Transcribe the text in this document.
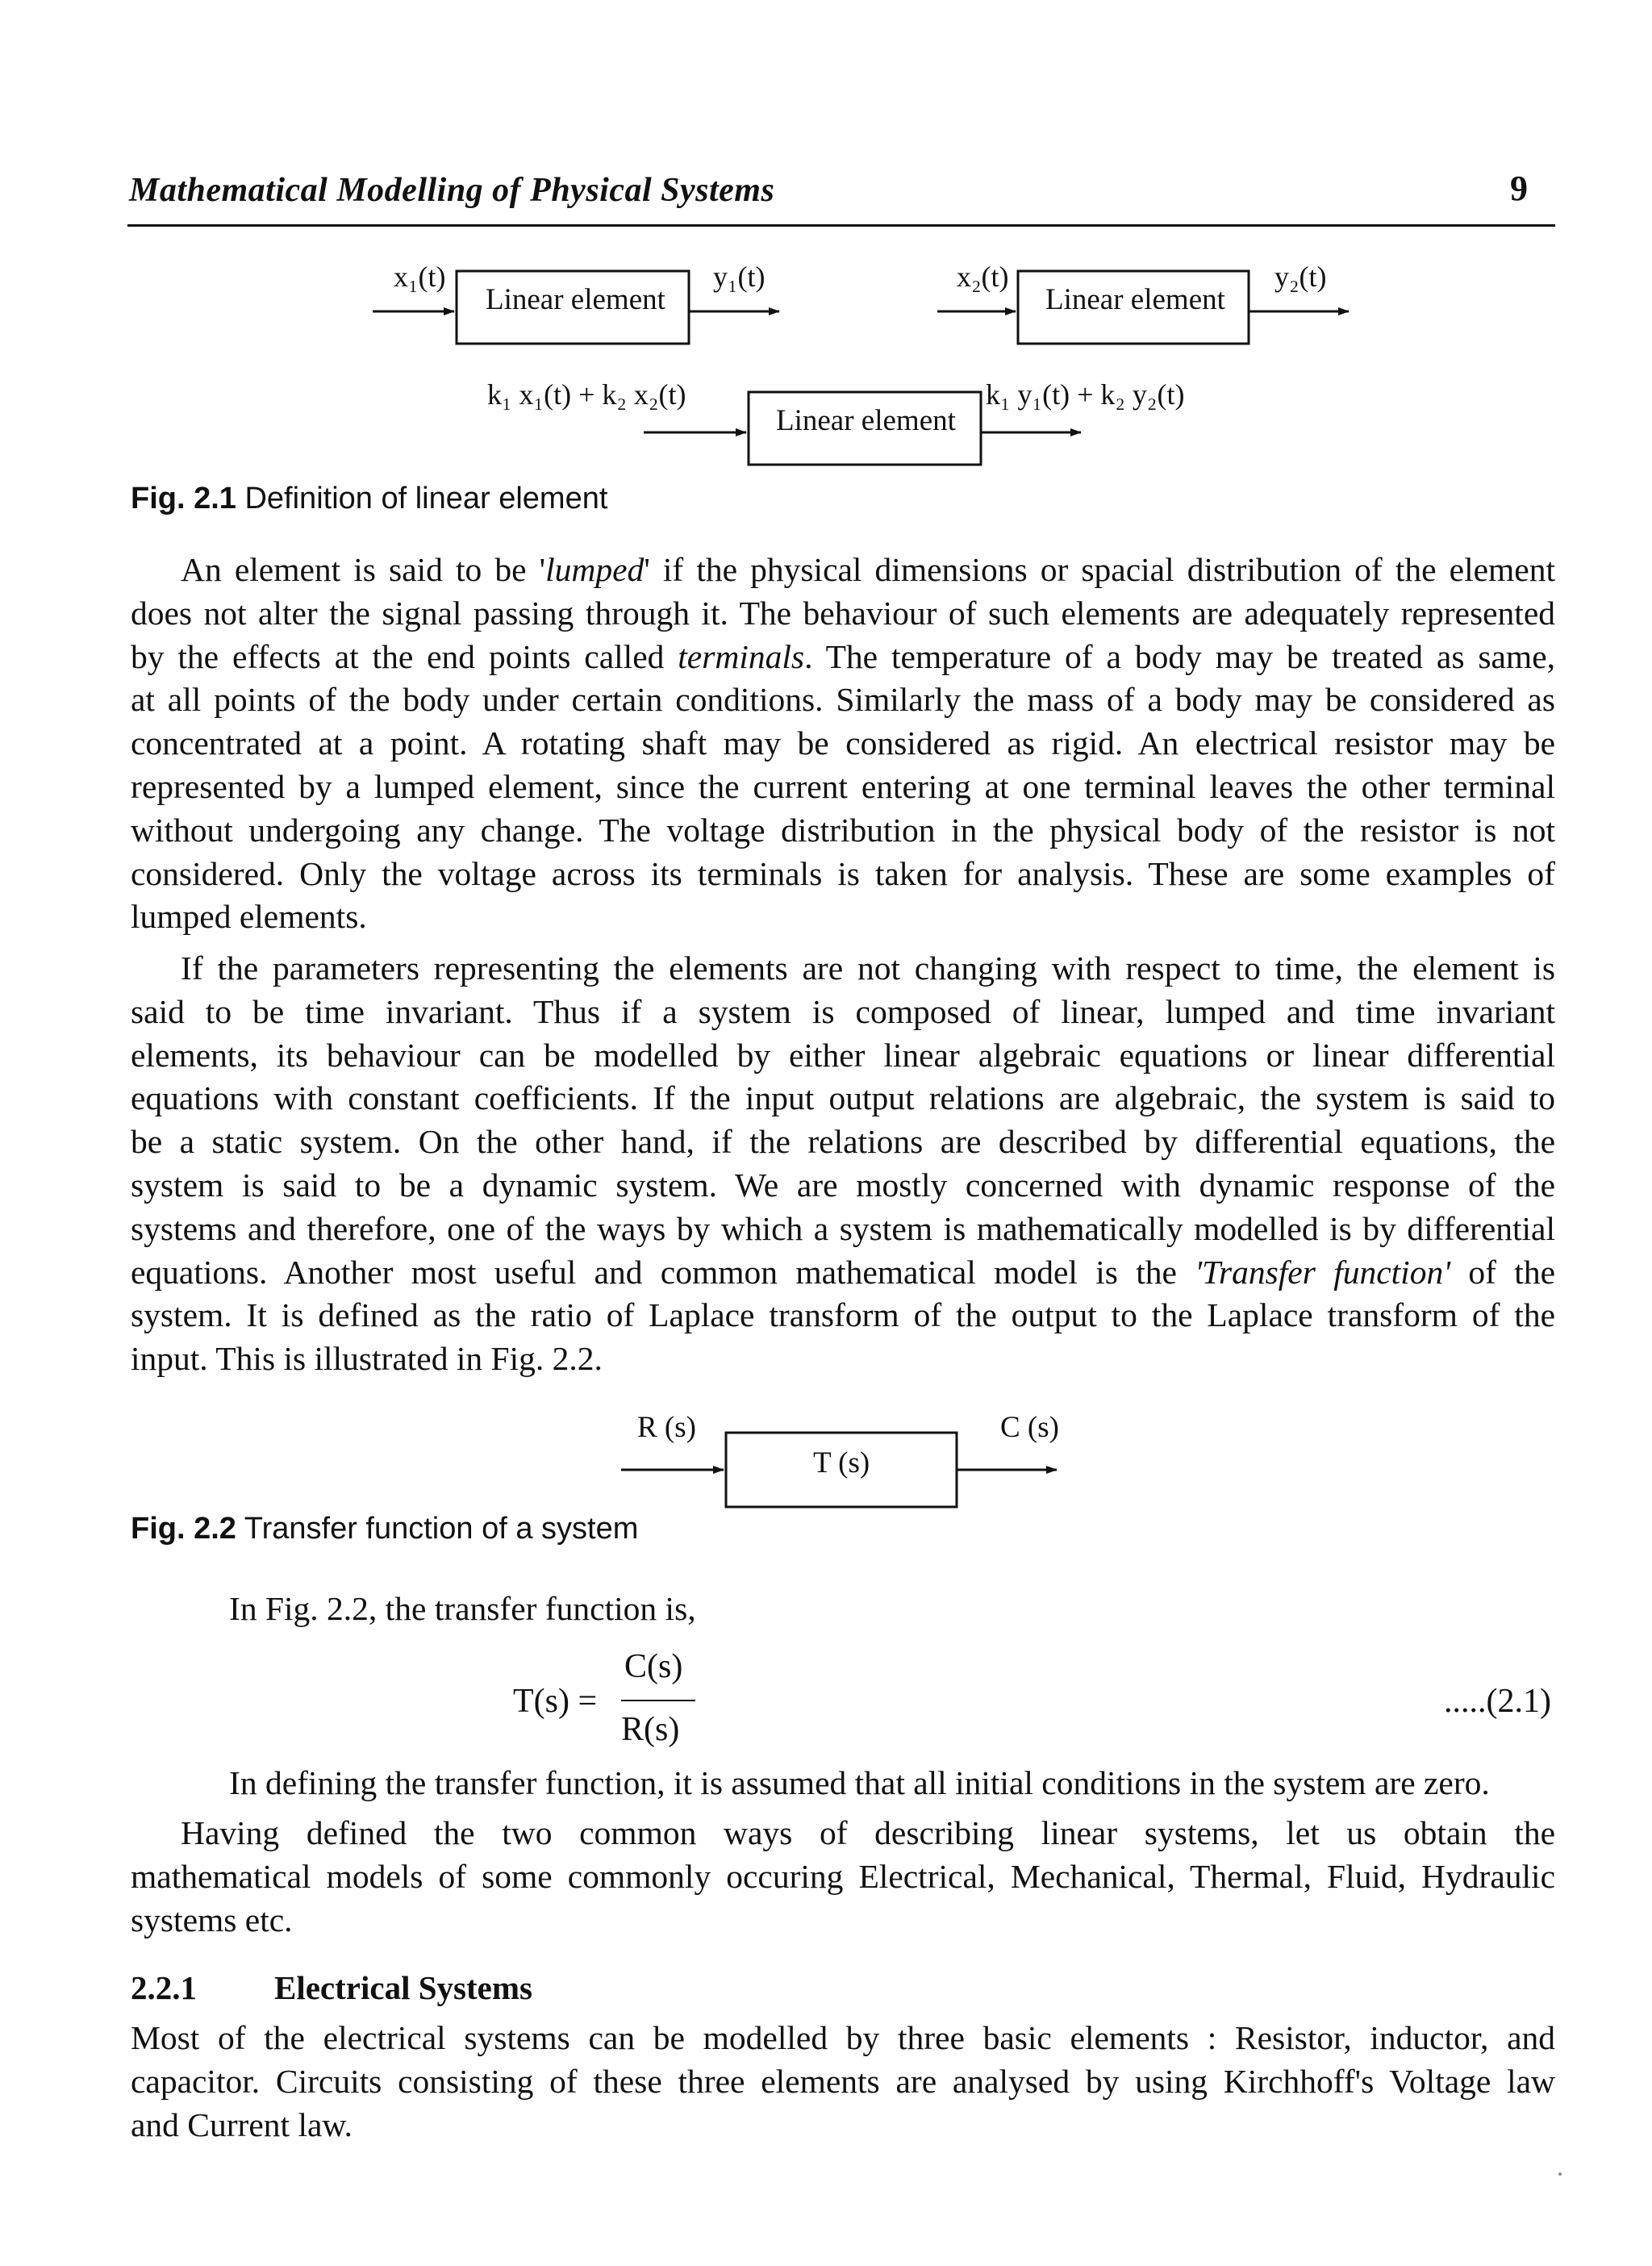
Mathematical Modelling of Physical Systems	9
Linear element	Linear element
Linear element
x₁(t)	y₁(t)	x₂(t)	y₂(t)
k₁ x₁(t) + k₂ x₂(t)	k₁ y₁(t) + k₂ y₂(t)
Fig. 2.1 Definition of linear element
An element is said to be 'lumped' if the physical dimensions or spacial distribution of the element
does not alter the signal passing through it. The behaviour of such elements are adequately represented
by the effects at the end points called terminals. The temperature of a body may be treated as same,
at all points of the body under certain conditions. Similarly the mass of a body may be considered as
concentrated at a point. A rotating shaft may be considered as rigid. An electrical resistor may be
represented by a lumped element, since the current entering at one terminal leaves the other terminal
without undergoing any change. The voltage distribution in the physical body of the resistor is not
considered. Only the voltage across its terminals is taken for analysis. These are some examples of
lumped elements.
If the parameters representing the elements are not changing with respect to time, the element is
said to be time invariant. Thus if a system is composed of linear, lumped and time invariant
elements, its behaviour can be modelled by either linear algebraic equations or linear differential
equations with constant coefficients. If the input output relations are algebraic, the system is said to
be a static system. On the other hand, if the relations are described by differential equations, the
system is said to be a dynamic system. We are mostly concerned with dynamic response of the
systems and therefore, one of the ways by which a system is mathematically modelled is by differential
equations. Another most useful and common mathematical model is the 'Transfer function' of the
system. It is defined as the ratio of Laplace transform of the output to the Laplace transform of the
input. This is illustrated in Fig. 2.2.
R (s)
T (s)
C (s)
Fig. 2.2 Transfer function of a system
In Fig. 2.2, the transfer function is,
T(s) =
C(s)
R(s)
.....(2.1)
In defining the transfer function, it is assumed that all initial conditions in the system are zero.
Having defined the two common ways of describing linear systems, let us obtain the
mathematical models of some commonly occuring Electrical, Mechanical, Thermal, Fluid, Hydraulic
systems etc.
2.2.1 Electrical Systems
Most of the electrical systems can be modelled by three basic elements : Resistor, inductor, and
capacitor. Circuits consisting of these three elements are analysed by using Kirchhoff's Voltage law
and Current law.
